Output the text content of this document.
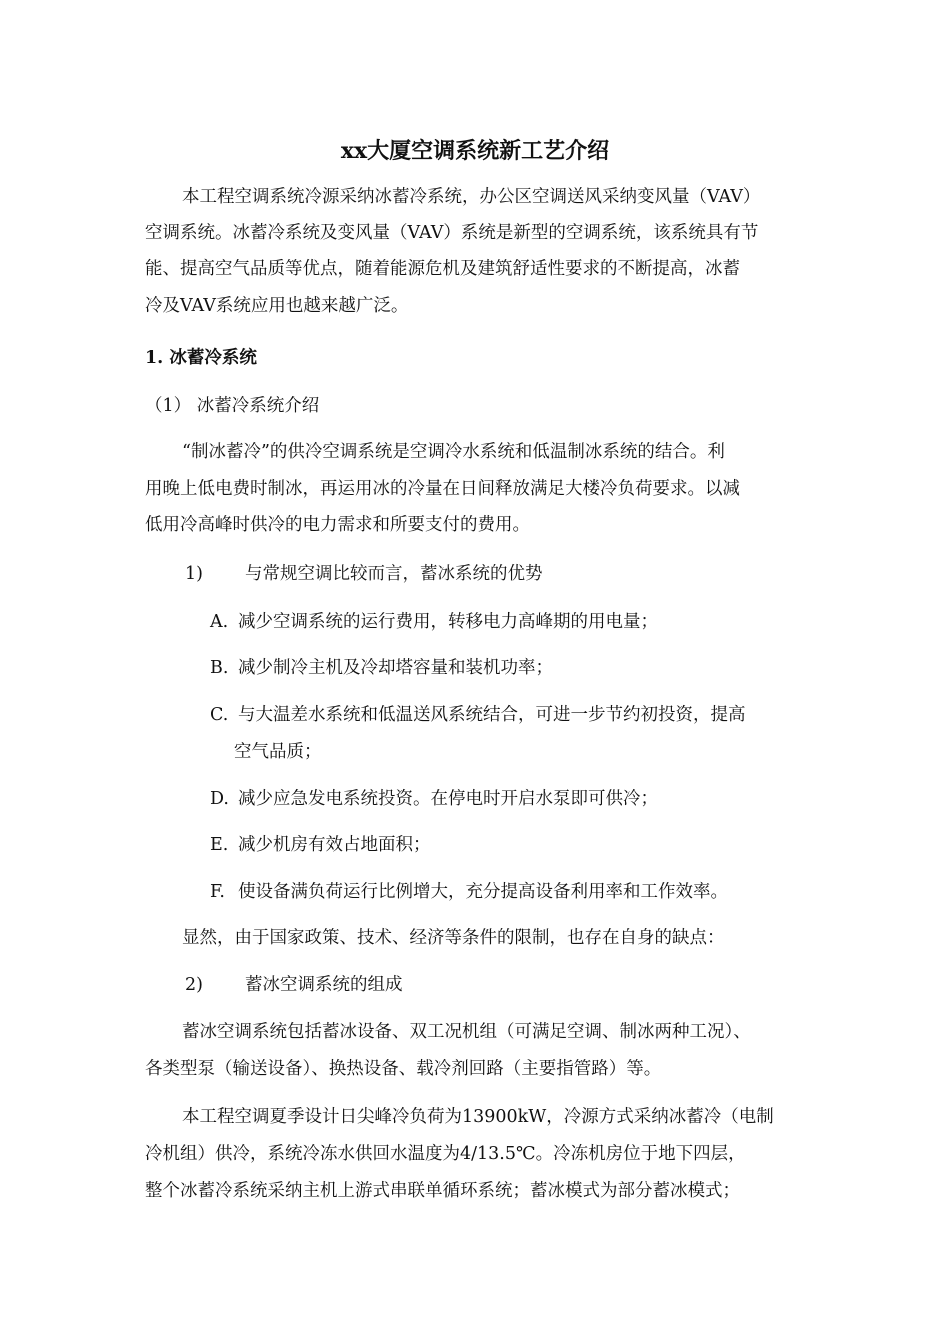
xx大厦空调系统新工艺介绍
本工程空调系统冷源采纳冰蓄冷系统，办公区空调送风采纳变风量（VAV）
空调系统。冰蓄冷系统及变风量（VAV）系统是新型的空调系统，该系统具有节
能、提高空气品质等优点，随着能源危机及建筑舒适性要求的不断提高，冰蓄
冷及VAV系统应用也越来越广泛。
1. 冰蓄冷系统
（1） 冰蓄冷系统介绍
“制冰蓄冷”的供冷空调系统是空调冷水系统和低温制冰系统的结合。利
用晚上低电费时制冰，再运用冰的冷量在日间释放满足大楼冷负荷要求。以减
低用冷高峰时供冷的电力需求和所要支付的费用。
1) 与常规空调比较而言，蓄冰系统的优势
A. 减少空调系统的运行费用，转移电力高峰期的用电量；
B. 减少制冷主机及冷却塔容量和装机功率；
C. 与大温差水系统和低温送风系统结合，可进一步节约初投资，提高
空气品质；
D. 减少应急发电系统投资。在停电时开启水泵即可供冷；
E. 减少机房有效占地面积；
F. 使设备满负荷运行比例增大，充分提高设备利用率和工作效率。
显然，由于国家政策、技术、经济等条件的限制，也存在自身的缺点：
2) 蓄冰空调系统的组成
蓄冰空调系统包括蓄冰设备、双工况机组（可满足空调、制冰两种工况）、
各类型泵（输送设备）、换热设备、载冷剂回路（主要指管路）等。
本工程空调夏季设计日尖峰冷负荷为13900kW，冷源方式采纳冰蓄冷（电制
冷机组）供冷，系统冷冻水供回水温度为4/13.5℃。冷冻机房位于地下四层，
整个冰蓄冷系统采纳主机上游式串联单循环系统；蓄冰模式为部分蓄冰模式；
